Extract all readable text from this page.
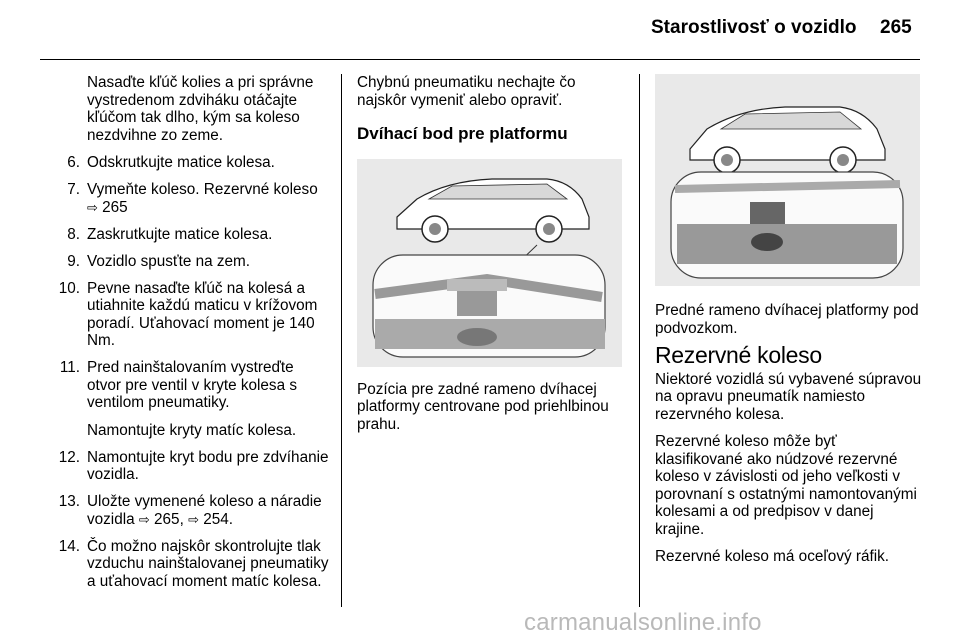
Starostlivosť o vozidlo 265

Nasaďte kľúč kolies a pri správne vystredenom zdviháku otáčajte kľúčom tak dlho, kým sa koleso nezdvihne zo zeme.

6. Odskrutkujte matice kolesa.
7. Vymeňte koleso. Rezervné koleso ⇨ 265
8. Zaskrutkujte matice kolesa.
9. Vozidlo spusťte na zem.
10. Pevne nasaďte kľúč na kolesá a utiahnite každú maticu v krížovom poradí. Uťahovací moment je 140 Nm.
11. Pred nainštalovaním vystreďte otvor pre ventil v kryte kolesa s ventilom pneumatiky.
Namontujte kryty matíc kolesa.
12. Namontujte kryt bodu pre zdvíhanie vozidla.
13. Uložte vymenené koleso a náradie vozidla ⇨ 265, ⇨ 254.
14. Čo možno najskôr skontrolujte tlak vzduchu nainštalovanej pneumatiky a uťahovací moment matíc kolesa.

Chybnú pneumatiku nechajte čo najskôr vymeniť alebo opraviť.

Dvíhací bod pre platformu

Pozícia pre zadné rameno dvíhacej platformy centrovane pod priehlbinou prahu.

Predné rameno dvíhacej platformy pod podvozkom.

Rezervné koleso

Niektoré vozidlá sú vybavené súpravou na opravu pneumatík namiesto rezervného kolesa.

Rezervné koleso môže byť klasifikované ako núdzové rezervné koleso v závislosti od jeho veľkosti v porovnaní s ostatnými namontovanými kolesami a od predpisov v danej krajine.

Rezervné koleso má oceľový ráfik.

carmanualsonline.info
